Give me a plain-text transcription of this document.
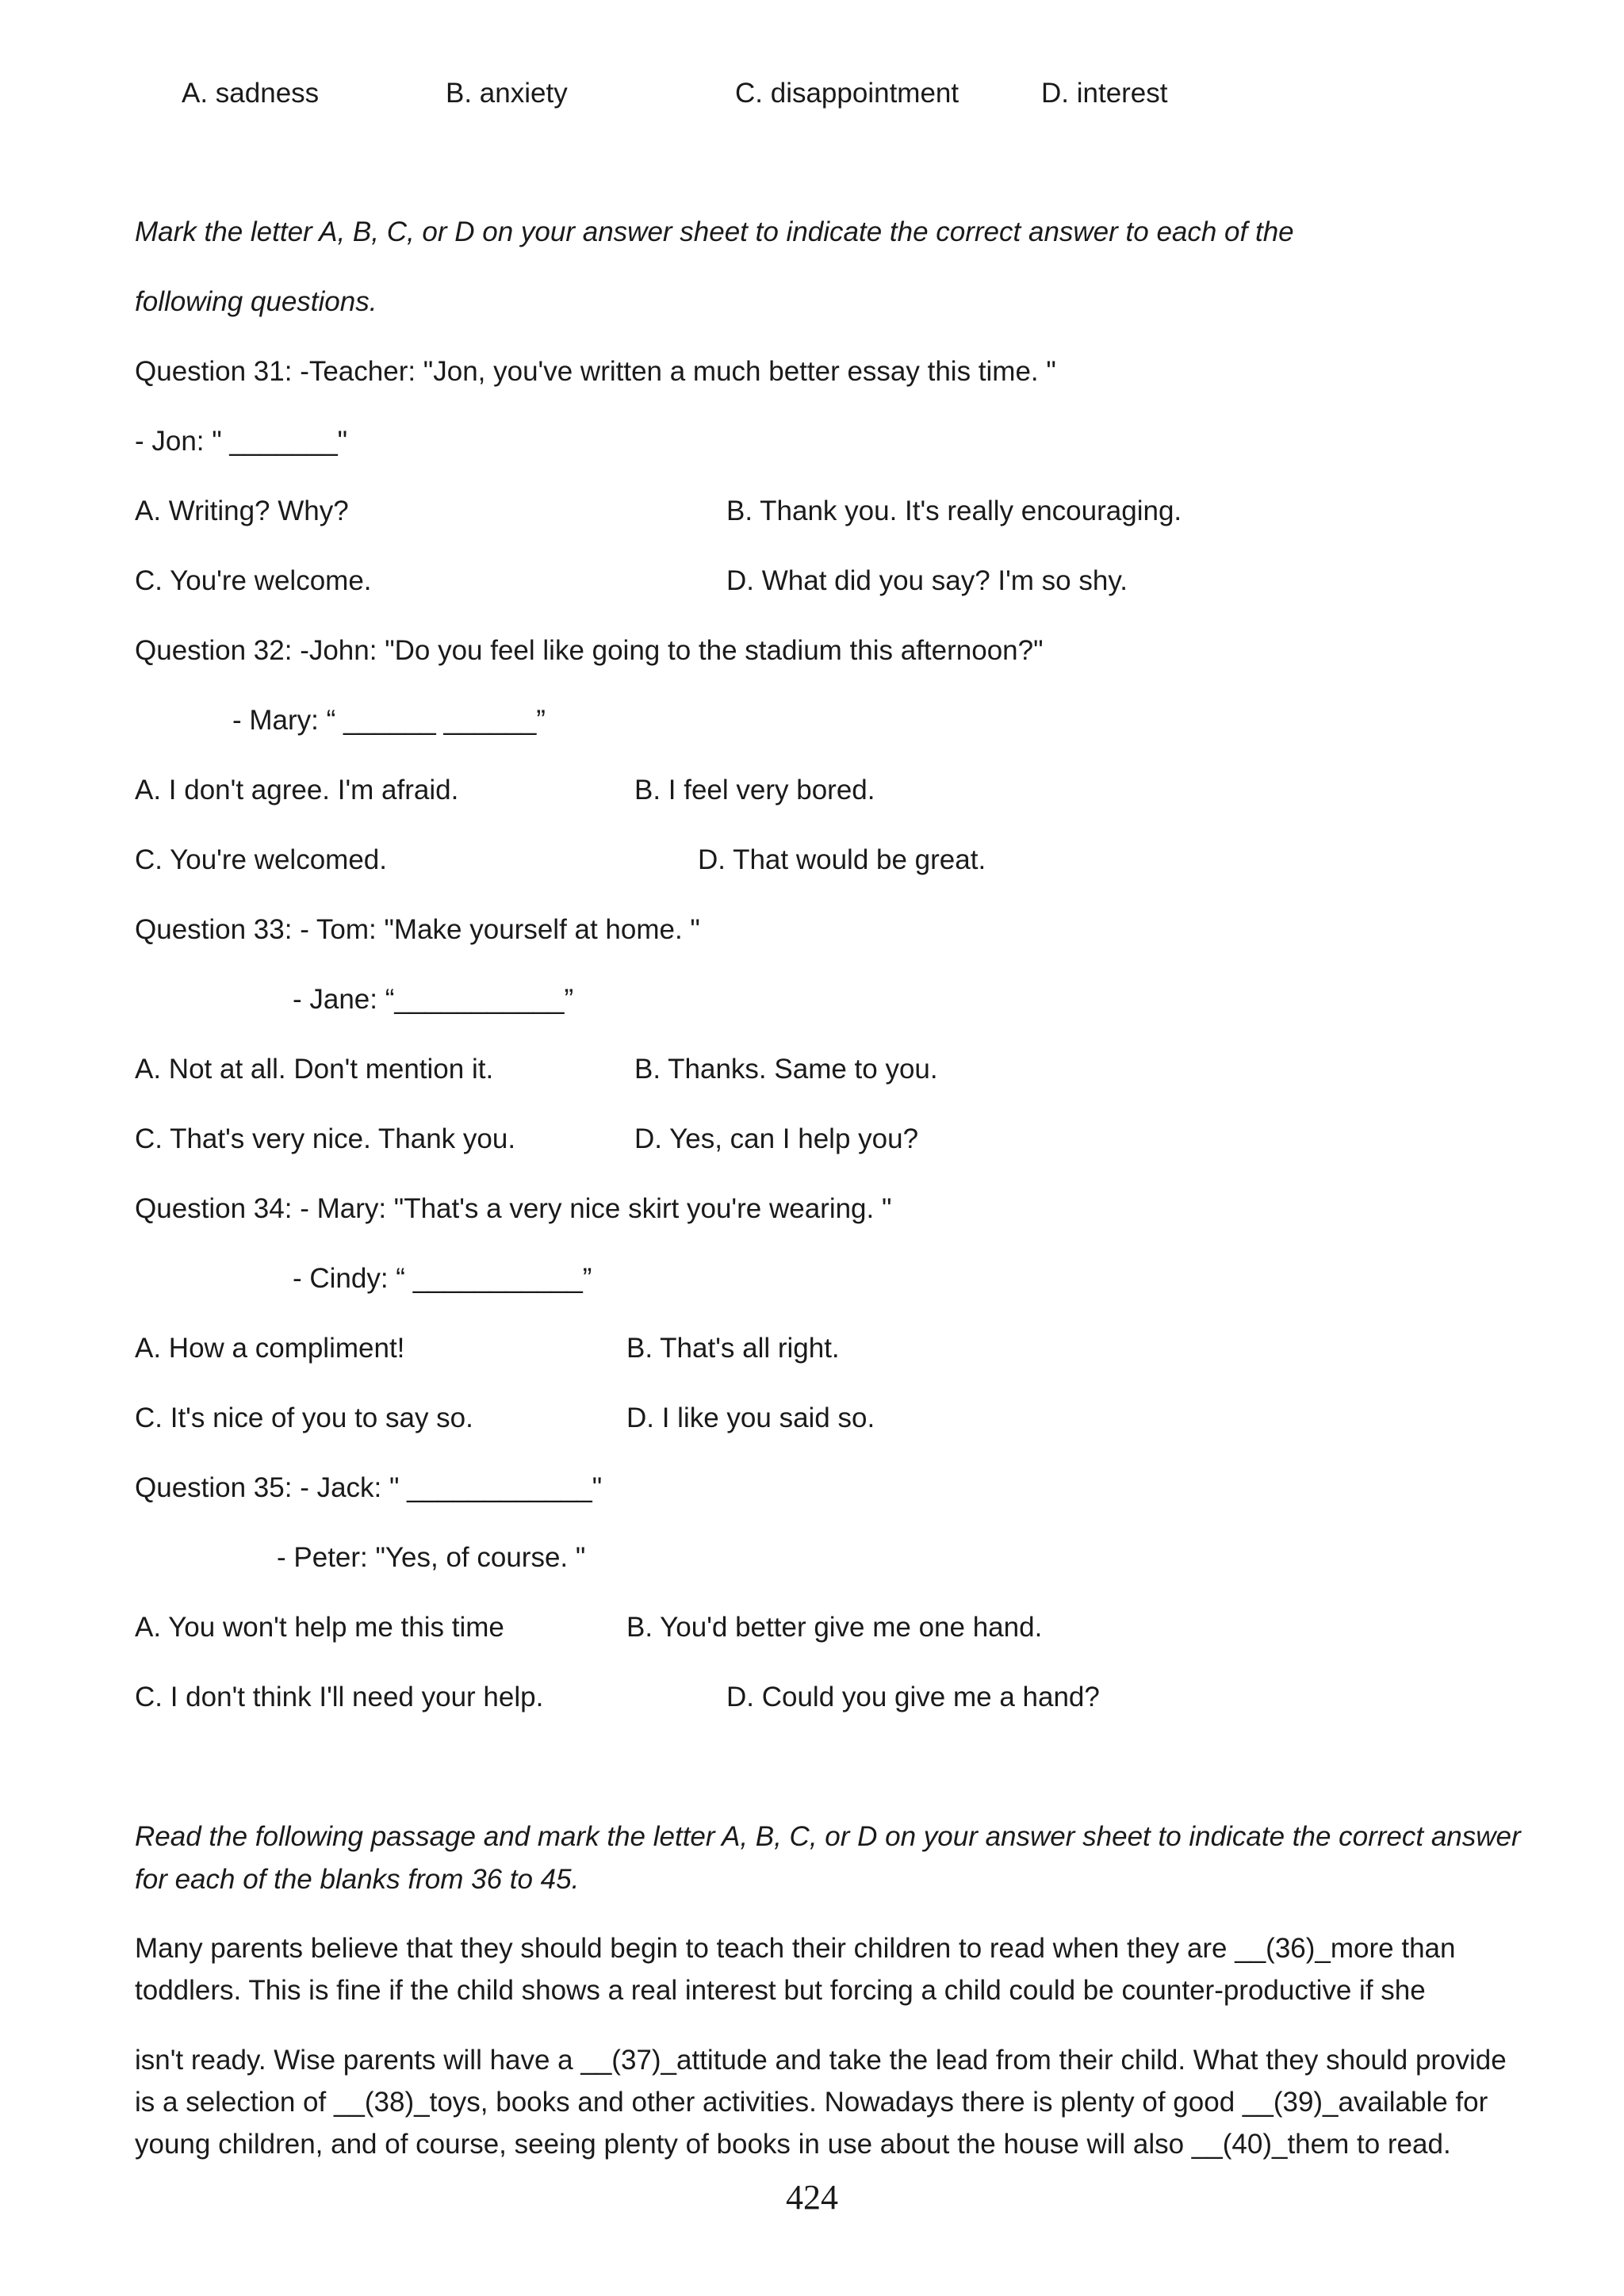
A. sadness	B. anxiety	C. disappointment	D. interest
Mark the letter A, B, C, or D on your answer sheet to indicate the correct answer to each of the
following questions.
Question 31: -Teacher: "Jon, you've written a much better essay this time. "
- Jon: " _______"
A. Writing? Why?	B. Thank you. It's really encouraging.
C. You're welcome.	D. What did you say? I'm so shy.
Question 32: -John: "Do you feel like going to the stadium this afternoon?"
- Mary: “ ______ ______”
A. I don't agree. I'm afraid.	B. I feel very bored.
C. You're welcomed.	D. That would be great.
Question 33: - Tom: "Make yourself at home. "
- Jane: “___________”
A. Not at all. Don't mention it.	B. Thanks. Same to you.
C. That's very nice. Thank you.	D. Yes, can I help you?
Question 34: - Mary: "That's a very nice skirt you're wearing. "
- Cindy: “ ___________”
A. How a compliment!	B. That's all right.
C. It's nice of you to say so.	D. I like you said so.
Question 35: - Jack: " ____________"
- Peter: "Yes, of course. "
A. You won't help me this time	B. You'd better give me one hand.
C. I don't think I'll need your help.	D. Could you give me a hand?
Read the following passage and mark the letter A, B, C, or D on your answer sheet to indicate the correct answer
for each of the blanks from 36 to 45.
Many parents believe that they should begin to teach their children to read when they are __(36)_more than
toddlers. This is fine if the child shows a real interest but forcing a child could be counter-productive if she
isn't ready. Wise parents will have a __(37)_attitude and take the lead from their child. What they should provide
is a selection of __(38)_toys, books and other activities. Nowadays there is plenty of good __(39)_available for
young children, and of course, seeing plenty of books in use about the house will also __(40)_them to read.
424
